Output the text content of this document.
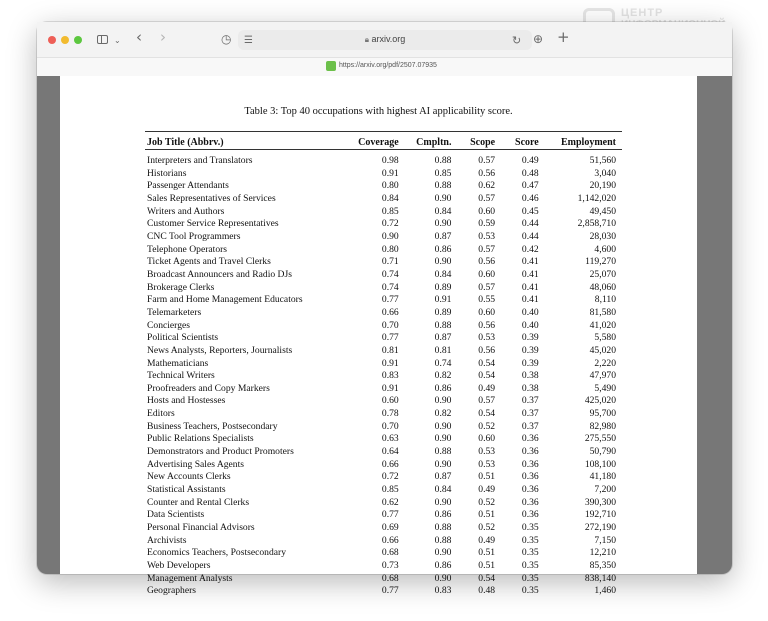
ЦЕНТР
⌄ ‹ ›	◷ ☰	🔒︎ arxiv.org	↻ ⊕ +
https://arxiv.org/pdf/2507.07935
Table 3: Top 40 occupations with highest AI applicability score.
Job Title (Abbrv.)	Coverage	Cmpltn.	Scope	Score	Employment
Interpreters and Translators	0.98	0.88	0.57	0.49	51,560
Historians	0.91	0.85	0.56	0.48	3,040
Passenger Attendants	0.80	0.88	0.62	0.47	20,190
Sales Representatives of Services	0.84	0.90	0.57	0.46	1,142,020
Writers and Authors	0.85	0.84	0.60	0.45	49,450
Customer Service Representatives	0.72	0.90	0.59	0.44	2,858,710
CNC Tool Programmers	0.90	0.87	0.53	0.44	28,030
Telephone Operators	0.80	0.86	0.57	0.42	4,600
Ticket Agents and Travel Clerks	0.71	0.90	0.56	0.41	119,270
Broadcast Announcers and Radio DJs	0.74	0.84	0.60	0.41	25,070
Brokerage Clerks	0.74	0.89	0.57	0.41	48,060
Farm and Home Management Educators	0.77	0.91	0.55	0.41	8,110
Telemarketers	0.66	0.89	0.60	0.40	81,580
Concierges	0.70	0.88	0.56	0.40	41,020
Political Scientists	0.77	0.87	0.53	0.39	5,580
News Analysts, Reporters, Journalists	0.81	0.81	0.56	0.39	45,020
Mathematicians	0.91	0.74	0.54	0.39	2,220
Technical Writers	0.83	0.82	0.54	0.38	47,970
Proofreaders and Copy Markers	0.91	0.86	0.49	0.38	5,490
Hosts and Hostesses	0.60	0.90	0.57	0.37	425,020
Editors	0.78	0.82	0.54	0.37	95,700
Business Teachers, Postsecondary	0.70	0.90	0.52	0.37	82,980
Public Relations Specialists	0.63	0.90	0.60	0.36	275,550
Demonstrators and Product Promoters	0.64	0.88	0.53	0.36	50,790
Advertising Sales Agents	0.66	0.90	0.53	0.36	108,100
New Accounts Clerks	0.72	0.87	0.51	0.36	41,180
Statistical Assistants	0.85	0.84	0.49	0.36	7,200
Counter and Rental Clerks	0.62	0.90	0.52	0.36	390,300
Data Scientists	0.77	0.86	0.51	0.36	192,710
Personal Financial Advisors	0.69	0.88	0.52	0.35	272,190
Archivists	0.66	0.88	0.49	0.35	7,150
Economics Teachers, Postsecondary	0.68	0.90	0.51	0.35	12,210
Web Developers	0.73	0.86	0.51	0.35	85,350
Management Analysts	0.68	0.90	0.54	0.35	838,140
Geographers	0.77	0.83	0.48	0.35	1,460
